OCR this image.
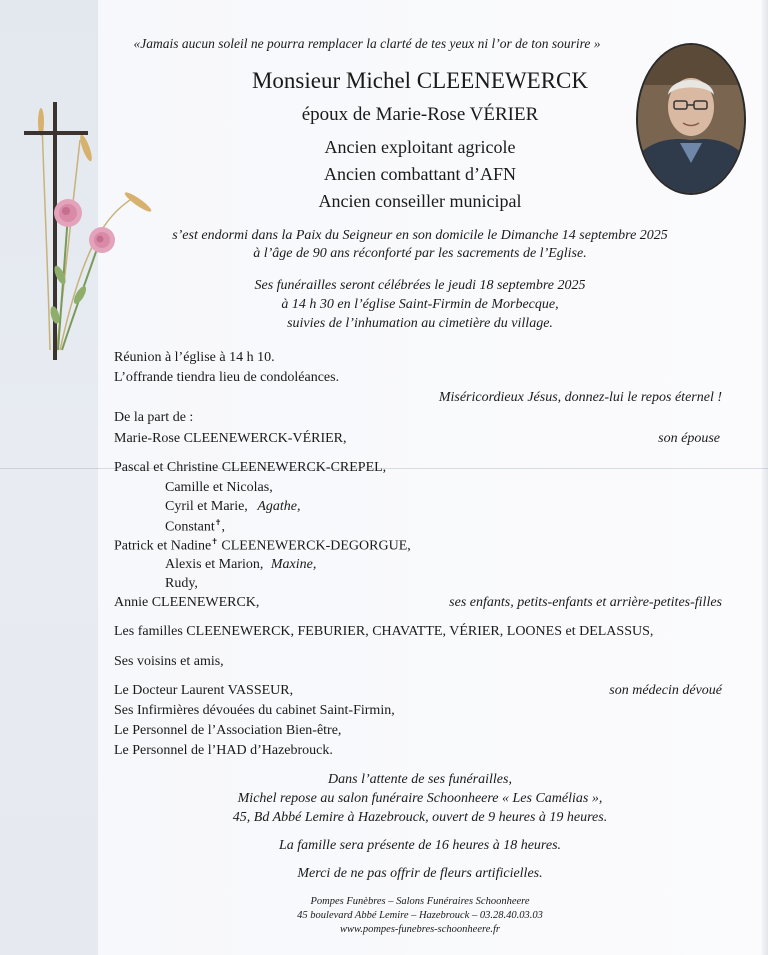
«Jamais aucun soleil ne pourra remplacer la clarté de tes yeux ni l’or de ton sourire »
Monsieur Michel CLEENEWERCK
époux de Marie-Rose VÉRIER
Ancien exploitant agricole
Ancien combattant d’AFN
Ancien conseiller municipal
s’est endormi dans la Paix du Seigneur en son domicile le Dimanche 14 septembre 2025
à l’âge de 90 ans réconforté par les sacrements de l’Eglise.
Ses funérailles seront célébrées le jeudi 18 septembre 2025
à 14 h 30 en l’église Saint-Firmin de Morbecque,
suivies de l’inhumation au cimetière du village.
Réunion à l’église à 14 h 10.
L’offrande tiendra lieu de condoléances.
Miséricordieux Jésus, donnez-lui le repos éternel !
De la part de :
Marie-Rose CLEENEWERCK-VÉRIER,	son épouse
Pascal et Christine CLEENEWERCK-CREPEL,
Camille et Nicolas,
Cyril et Marie, Agathe,
Constant✝,
Patrick et Nadine✝ CLEENEWERCK-DEGORGUE,
Alexis et Marion, Maxine,
Rudy,
Annie CLEENEWERCK,	ses enfants, petits-enfants et arrière-petites-filles
Les familles CLEENEWERCK, FEBURIER, CHAVATTE, VÉRIER, LOONES et DELASSUS,
Ses voisins et amis,
Le Docteur Laurent VASSEUR,	son médecin dévoué
Ses Infirmières dévouées du cabinet Saint-Firmin,
Le Personnel de l’Association Bien-être,
Le Personnel de l’HAD d’Hazebrouck.
Dans l’attente de ses funérailles,
Michel repose au salon funéraire Schoonheere « Les Camélias »,
45, Bd Abbé Lemire à Hazebrouck, ouvert de 9 heures à 19 heures.
La famille sera présente de 16 heures à 18 heures.
Merci de ne pas offrir de fleurs artificielles.
Pompes Funèbres – Salons Funéraires Schoonheere
45 boulevard Abbé Lemire – Hazebrouck – 03.28.40.03.03
www.pompes-funebres-schoonheere.fr
